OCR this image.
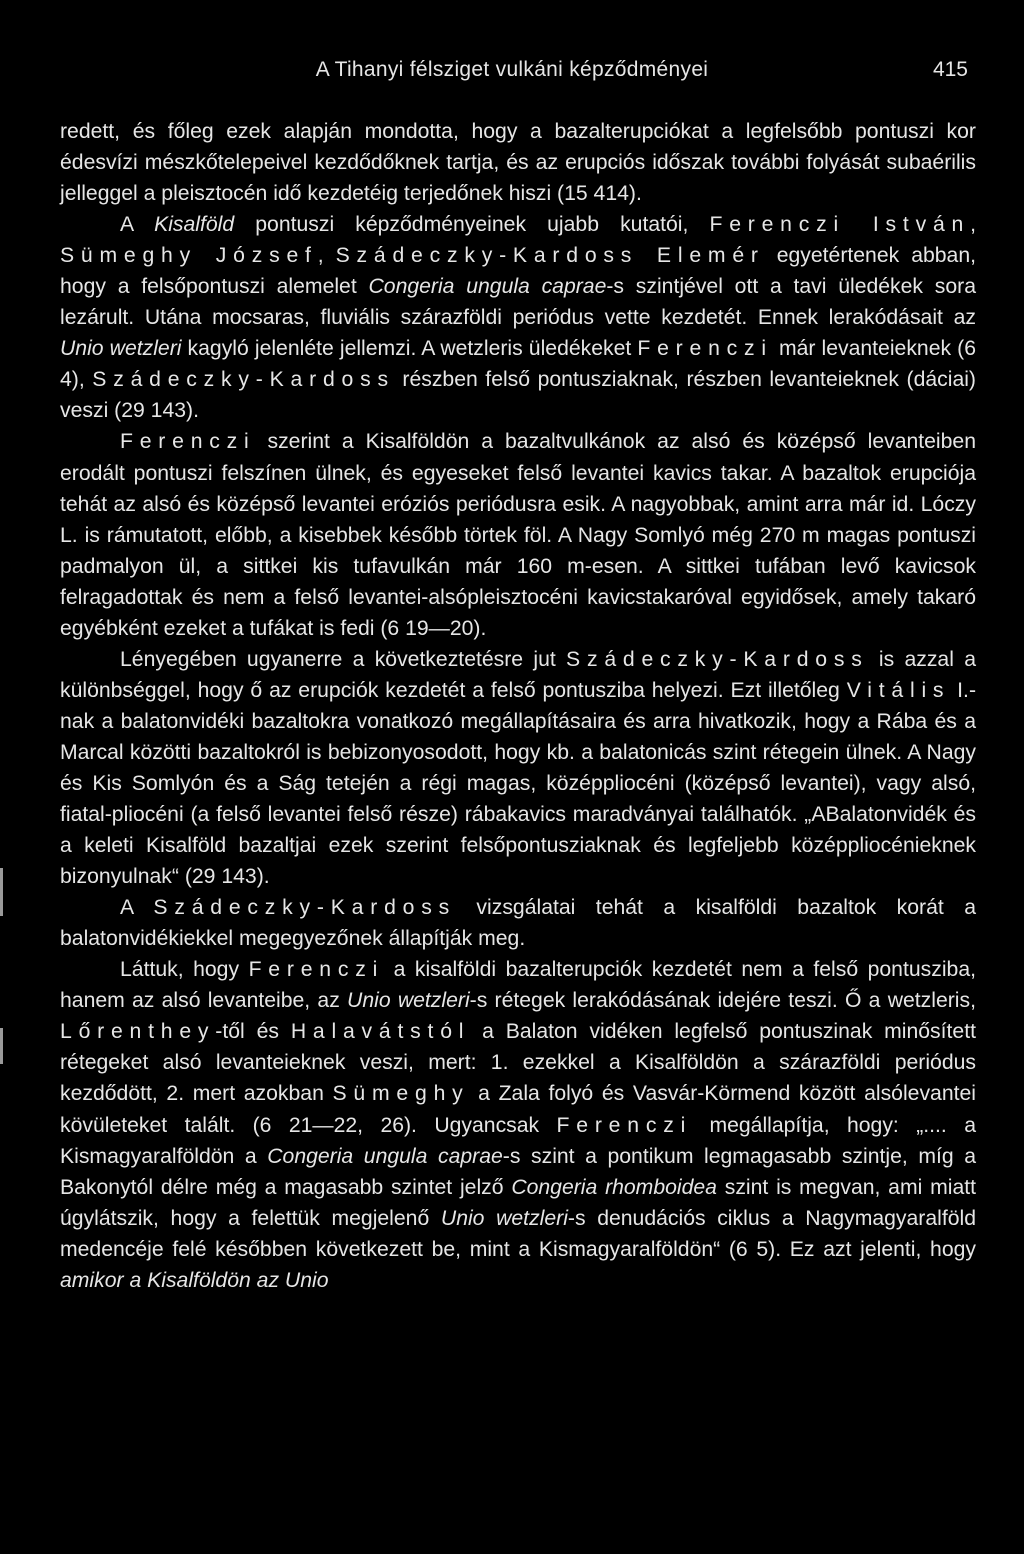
A Tihanyi félsziget vulkáni képződményei	415

redett, és főleg ezek alapján mondotta, hogy a bazalterupciókat a legfelsőbb pontuszi kor édesvízi mészkőtelepeivel kezdődőknek tartja, és az erupciós időszak további folyását subaérilis jelleggel a pleisztocén idő kezdetéig terjedőnek hiszi (15 414).

A Kisalföld pontuszi képződményeinek ujabb kutatói, Ferenczi István, Sümeghy József, Szádeczky-Kardoss Elemér egyetértenek abban, hogy a felsőpontuszi alemelet Congeria ungula caprae-s szintjével ott a tavi üledékek sora lezárult. Utána mocsaras, fluviális szárazföldi periódus vette kezdetét. Ennek lerakódásait az Unio wetzleri kagyló jelenléte jellemzi. A wetzleris üledékeket Ferenczi már levanteieknek (6 4), Szádeczky-Kardoss részben felső pontusziaknak, részben levanteieknek (dáciai) veszi (29 143).

Ferenczi szerint a Kisalföldön a bazaltvulkánok az alsó és középső levanteiben erodált pontuszi felszínen ülnek, és egyeseket felső levantei kavics takar. A bazaltok erupciója tehát az alsó és középső levantei eróziós periódusra esik. A nagyobbak, amint arra már id. Lóczy L. is rámutatott, előbb, a kisebbek később törtek föl. A Nagy Somlyó még 270 m magas pontuszi padmalyon ül, a sittkei kis tufavulkán már 160 m-esen. A sittkei tufában levő kavicsok felragadottak és nem a felső levantei-alsópleisztocéni kavicstakaróval egyidősek, amely takaró egyébként ezeket a tufákat is fedi (6 19—20).

Lényegében ugyanerre a következtetésre jut Szádeczky-Kardoss is azzal a különbséggel, hogy ő az erupciók kezdetét a felső pontusziba helyezi. Ezt illetőleg Vitális I.-nak a balatonvidéki bazaltokra vonatkozó megállapításaira és arra hivatkozik, hogy a Rába és a Marcal közötti bazaltokról is bebizonyosodott, hogy kb. a balatonicás szint rétegein ülnek. A Nagy és Kis Somlyón és a Ság tetején a régi magas, középpliocéni (középső levantei), vagy alsó, fiatal-pliocéni (a felső levantei felső része) rábakavics maradványai találhatók. „ABalatonvidék és a keleti Kisalföld bazaltjai ezek szerint felsőpontusziaknak és legfeljebb középpliocénieknek bizonyulnak“ (29 143).

A Szádeczky-Kardoss vizsgálatai tehát a kisalföldi bazaltok korát a balatonvidékiekkel megegyezőnek állapítják meg.

Láttuk, hogy Ferenczi a kisalföldi bazalterupciók kezdetét nem a felső pontusziba, hanem az alsó levanteibe, az Unio wetzleri-s rétegek lerakódásának idejére teszi. Ő a wetzleris, Lőrenthey-től és Halavátstól a Balaton vidéken legfelső pontuszinak minősített rétegeket alsó levanteieknek veszi, mert: 1. ezekkel a Kisalföldön a szárazföldi periódus kezdődött, 2. mert azokban Sümeghy a Zala folyó és Vasvár-Körmend között alsólevantei kövületeket talált. (6 21—22, 26). Ugyancsak Ferenczi megállapítja, hogy: „.... a Kismagyaralföldön a Congeria ungula caprae-s szint a pontikum legmagasabb szintje, míg a Bakonytól délre még a magasabb szintet jelző Congeria rhomboidea szint is megvan, ami miatt úgylátszik, hogy a felettük megjelenő Unio wetzleri-s denudációs ciklus a Nagymagyaralföld medencéje felé későbben következett be, mint a Kismagyaralföldön“ (6 5). Ez azt jelenti, hogy amikor a Kisalföldön az Unio
